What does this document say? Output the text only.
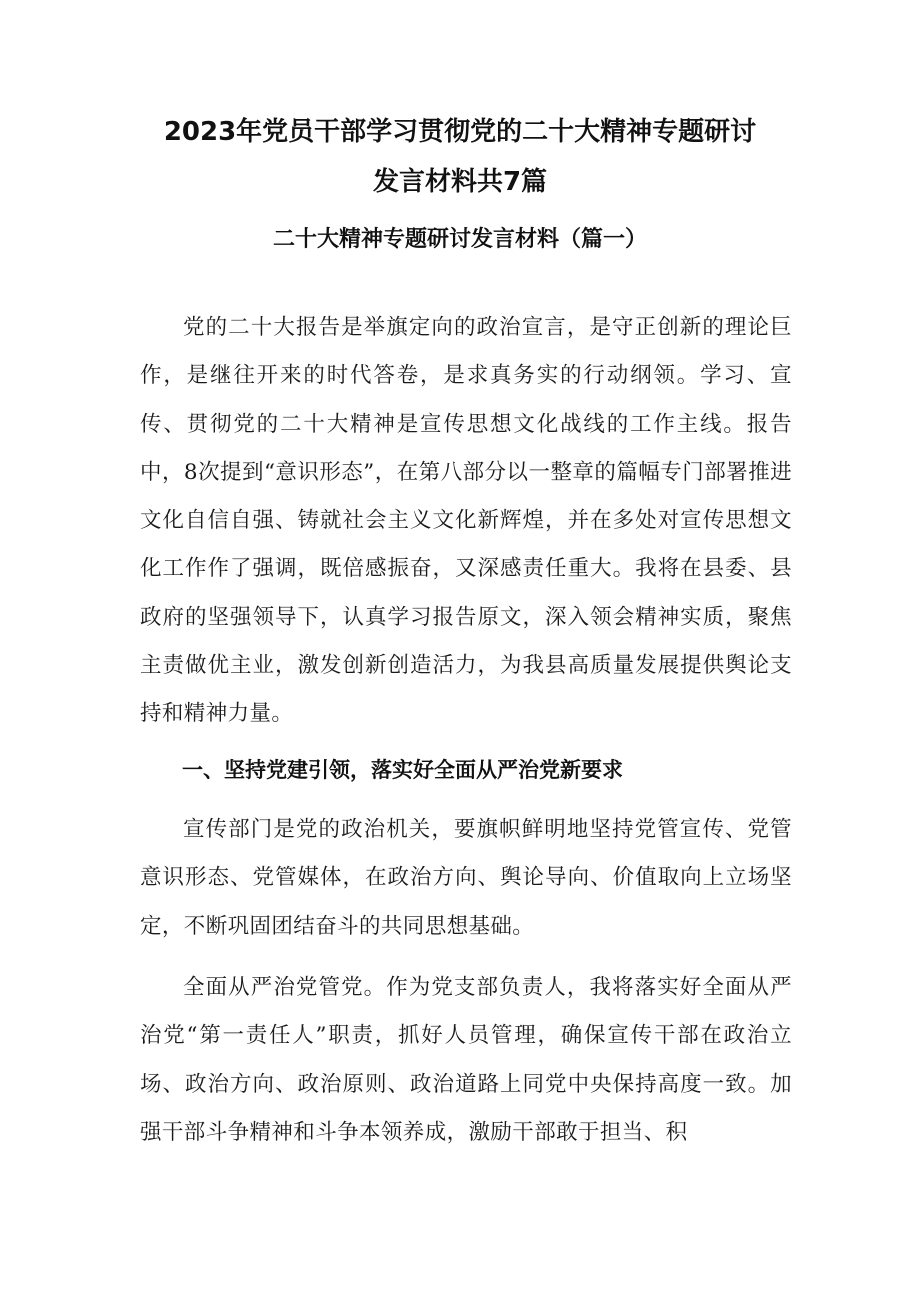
2023年党员干部学习贯彻党的二十大精神专题研讨
发言材料共7篇
二十大精神专题研讨发言材料（篇一）

党的二十大报告是举旗定向的政治宣言，是守正创新的理论巨作，是继往开来的时代答卷，是求真务实的行动纲领。学习、宣传、贯彻党的二十大精神是宣传思想文化战线的工作主线。报告中，8次提到“意识形态”，在第八部分以一整章的篇幅专门部署推进文化自信自强、铸就社会主义文化新辉煌，并在多处对宣传思想文化工作作了强调，既倍感振奋，又深感责任重大。我将在县委、县政府的坚强领导下，认真学习报告原文，深入领会精神实质，聚焦主责做优主业，激发创新创造活力，为我县高质量发展提供舆论支持和精神力量。

一、坚持党建引领，落实好全面从严治党新要求

宣传部门是党的政治机关，要旗帜鲜明地坚持党管宣传、党管意识形态、党管媒体，在政治方向、舆论导向、价值取向上立场坚定，不断巩固团结奋斗的共同思想基础。

全面从严治党管党。作为党支部负责人，我将落实好全面从严治党“第一责任人”职责，抓好人员管理，确保宣传干部在政治立场、政治方向、政治原则、政治道路上同党中央保持高度一致。加强干部斗争精神和斗争本领养成，激励干部敢于担当、积
